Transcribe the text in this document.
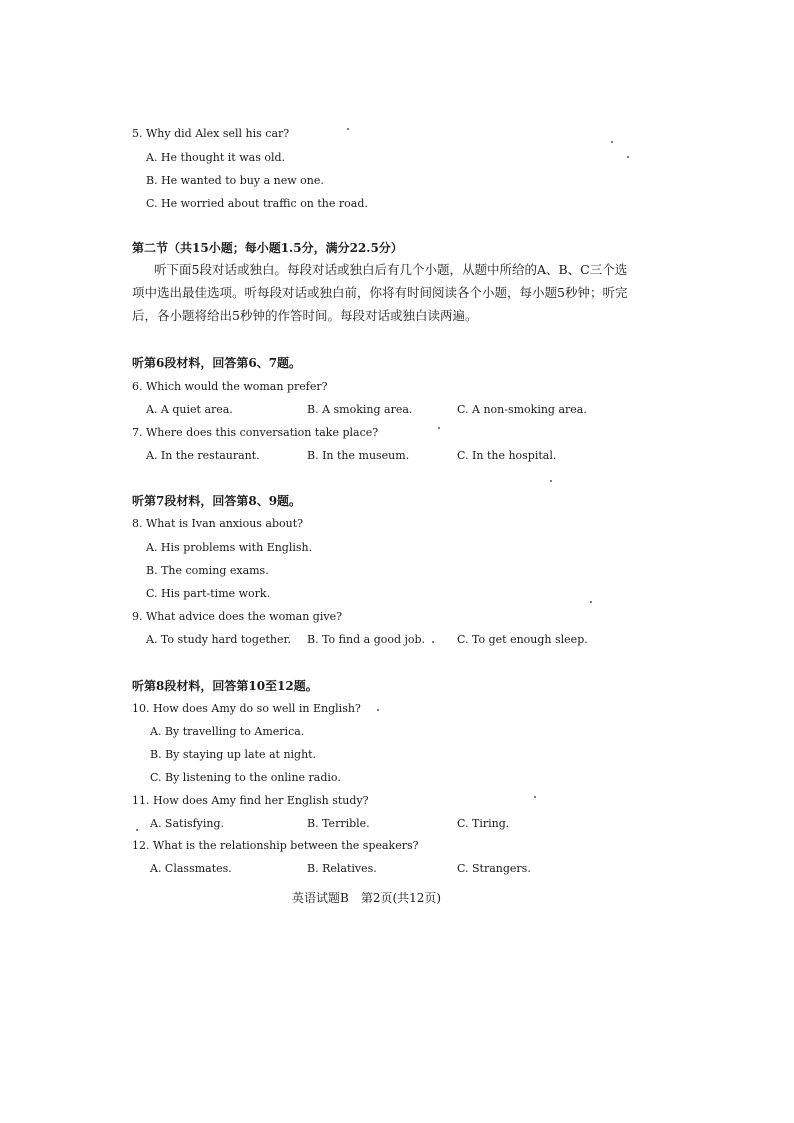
5. Why did Alex sell his car?
A. He thought it was old.
B. He wanted to buy a new one.
C. He worried about traffic on the road.
第二节（共15小题；每小题1.5分，满分22.5分）
听下面5段对话或独白。每段对话或独白后有几个小题，从题中所给的A、B、C三个选项中选出最佳选项。听每段对话或独白前，你将有时间阅读各个小题，每小题5秒钟；听完后，各小题将给出5秒钟的作答时间。每段对话或独白读两遍。
听第6段材料，回答第6、7题。
6. Which would the woman prefer?
A. A quiet area.	B. A smoking area.	C. A non-smoking area.
7. Where does this conversation take place?
A. In the restaurant.	B. In the museum.	C. In the hospital.
听第7段材料，回答第8、9题。
8. What is Ivan anxious about?
A. His problems with English.
B. The coming exams.
C. His part-time work.
9. What advice does the woman give?
A. To study hard together. B. To find a good job.	C. To get enough sleep.
听第8段材料，回答第10至12题。
10. How does Amy do so well in English?
A. By travelling to America.
B. By staying up late at night.
C. By listening to the online radio.
11. How does Amy find her English study?
A. Satisfying.	B. Terrible.	C. Tiring.
12. What is the relationship between the speakers?
A. Classmates.	B. Relatives.	C. Strangers.
英语试题B　第2页(共12页)
